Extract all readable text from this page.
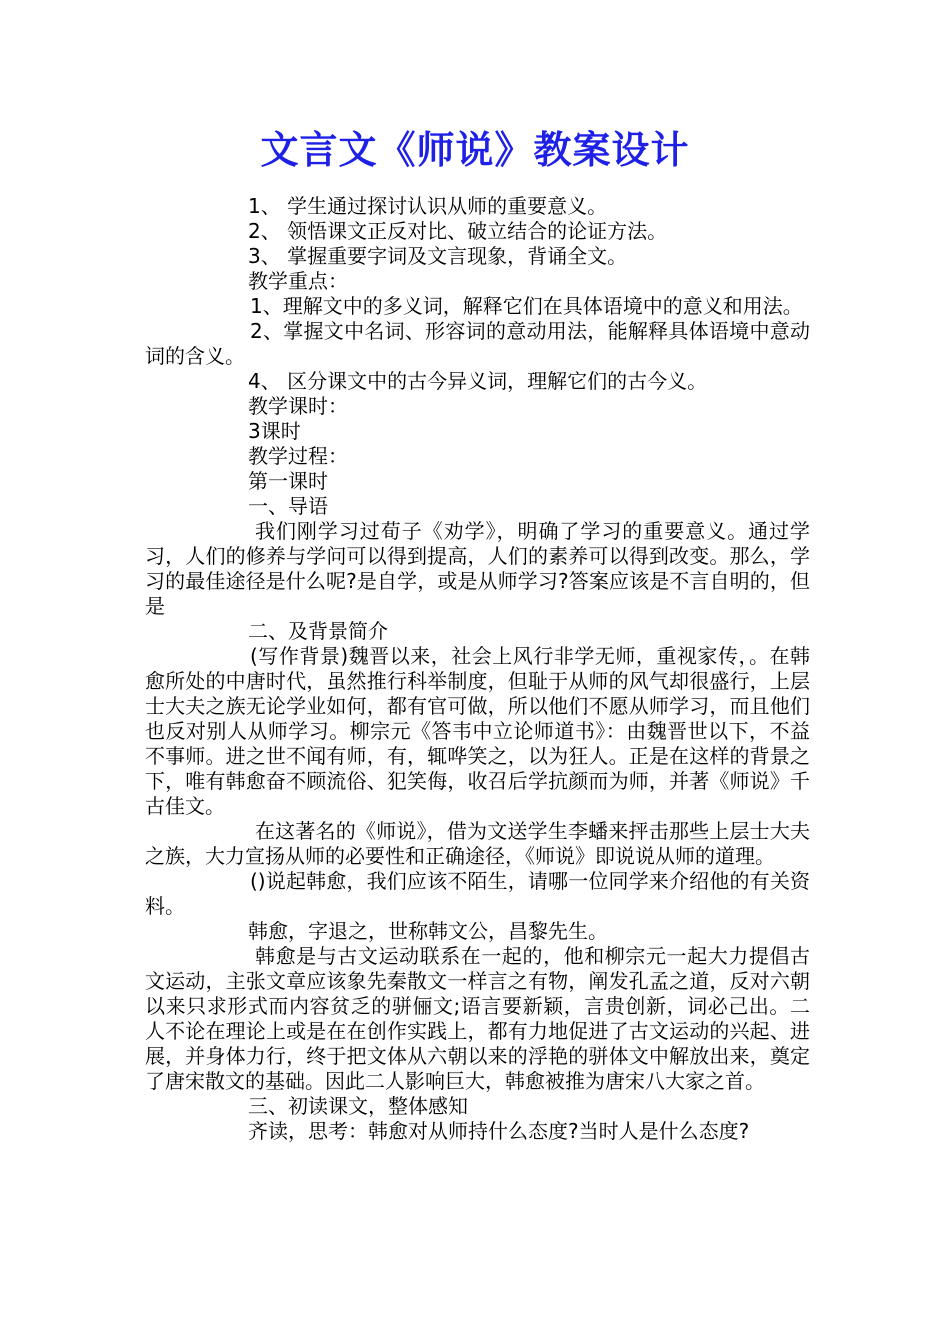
文言文《师说》教案设计

1、 学生通过探讨认识从师的重要意义。

2、 领悟课文正反对比、破立结合的论证方法。

3、 掌握重要字词及文言现象，背诵全文。

教学重点：

1、理解文中的多义词，解释它们在具体语境中的意义和用法。

2、掌握文中名词、形容词的意动用法，能解释具体语境中意动词的含义。

4、 区分课文中的古今异义词，理解它们的古今义。

教学课时：

3课时

教学过程：

第一课时

一、导语

我们刚学习过荀子《劝学》，明确了学习的重要意义。通过学习，人们的修养与学问可以得到提高，人们的素养可以得到改变。那么，学习的最佳途径是什么呢?是自学，或是从师学习?答案应该是不言自明的，但是

二、及背景简介

(写作背景)魏晋以来，社会上风行非学无师，重视家传，。在韩愈所处的中唐时代，虽然推行科举制度，但耻于从师的风气却很盛行，上层士大夫之族无论学业如何，都有官可做，所以他们不愿从师学习，而且他们也反对别人从师学习。柳宗元《答韦中立论师道书》：由魏晋世以下，不益不事师。进之世不闻有师，有，辄哗笑之，以为狂人。正是在这样的背景之下，唯有韩愈奋不顾流俗、犯笑侮，收召后学抗颜而为师，并著《师说》千古佳文。

在这著名的《师说》，借为文送学生李蟠来抨击那些上层士大夫之族，大力宣扬从师的必要性和正确途径，《师说》即说说从师的道理。

()说起韩愈，我们应该不陌生，请哪一位同学来介绍他的有关资料。

韩愈，字退之，世称韩文公，昌黎先生。

韩愈是与古文运动联系在一起的，他和柳宗元一起大力提倡古文运动，主张文章应该象先秦散文一样言之有物，阐发孔孟之道，反对六朝以来只求形式而内容贫乏的骈俪文;语言要新颖，言贵创新，词必己出。二人不论在理论上或是在在创作实践上，都有力地促进了古文运动的兴起、进展，并身体力行，终于把文体从六朝以来的浮艳的骈体文中解放出来，奠定了唐宋散文的基础。因此二人影响巨大，韩愈被推为唐宋八大家之首。

三、初读课文，整体感知

齐读，思考：韩愈对从师持什么态度?当时人是什么态度?
